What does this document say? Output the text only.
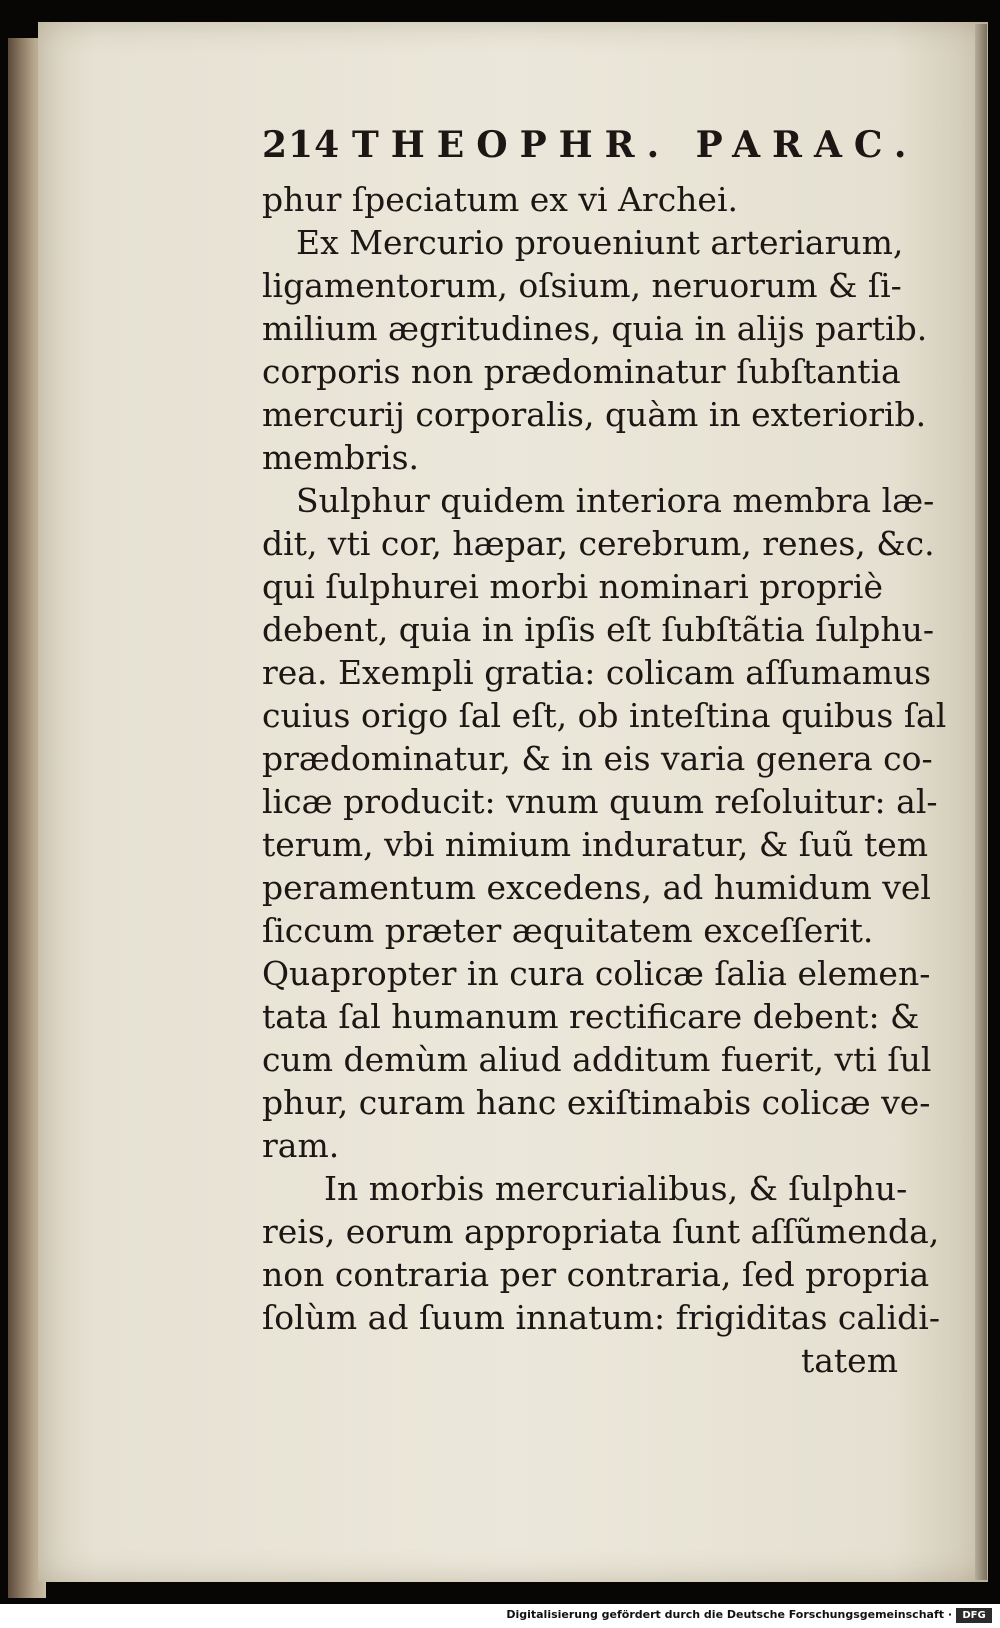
214 THEOPHR. PARAC.
phur ſpeciatum ex vi Archei.
Ex Mercurio proueniunt arteriarum,
ligamentorum, oſsium, neruorum & ſi-
milium ægritudines, quia in alijs partib.
corporis non prædominatur ſubſtantia
mercurij corporalis, quàm in exteriorib.
membris.
Sulphur quidem interiora membra læ-
dit, vti cor, hæpar, cerebrum, renes, &c.
qui ſulphurei morbi nominari propriè
debent, quia in ipſis eſt ſubſtãtia ſulphu-
rea. Exempli gratia: colicam aſſumamus
cuius origo ſal eſt, ob inteſtina quibus ſal
prædominatur, & in eis varia genera co-
licæ producit: vnum quum reſoluitur: al-
terum, vbi nimium induratur, & ſuũ tem
peramentum excedens, ad humidum vel
ſiccum præter æquitatem exceſſerit.
Quapropter in cura colicæ ſalia elemen-
tata ſal humanum rectificare debent: &
cum demùm aliud additum fuerit, vti ſul
phur, curam hanc exiſtimabis colicæ ve-
ram.
In morbis mercurialibus, & ſulphu-
reis, eorum appropriata ſunt aſſũmenda,
non contraria per contraria, ſed propria
ſolùm ad ſuum innatum: frigiditas calidi-
tatem
Digitalisierung gefördert durch die Deutsche Forschungsgemeinschaft ·	DFG
